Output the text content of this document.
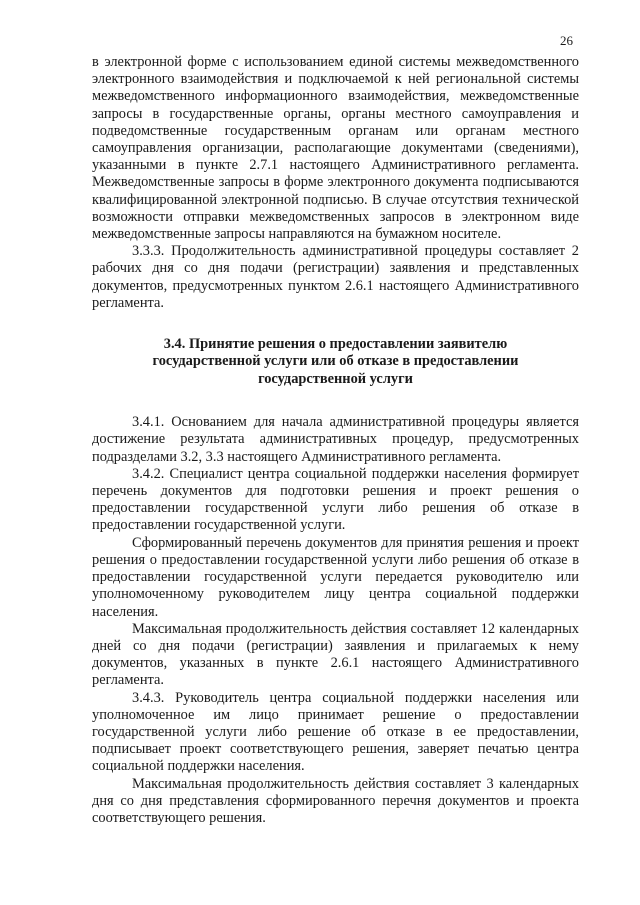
26

в электронной форме с использованием единой системы межведомственного электронного взаимодействия и подключаемой к ней региональной системы межведомственного информационного взаимодействия, межведомственные запросы в государственные органы, органы местного самоуправления и подведомственные государственным органам или органам местного самоуправления организации, располагающие документами (сведениями), указанными в пункте 2.7.1 настоящего Административного регламента. Межведомственные запросы в форме электронного документа подписываются квалифицированной электронной подписью. В случае отсутствия технической возможности отправки межведомственных запросов в электронном виде межведомственные запросы направляются на бумажном носителе.

3.3.3. Продолжительность административной процедуры составляет 2 рабочих дня со дня подачи (регистрации) заявления и представленных документов, предусмотренных пунктом 2.6.1 настоящего Административного регламента.

3.4. Принятие решения о предоставлении заявителю государственной услуги или об отказе в предоставлении государственной услуги

3.4.1. Основанием для начала административной процедуры является достижение результата административных процедур, предусмотренных подразделами 3.2, 3.3 настоящего Административного регламента.

3.4.2. Специалист центра социальной поддержки населения формирует перечень документов для подготовки решения и проект решения о предоставлении государственной услуги либо решения об отказе в предоставлении государственной услуги.

Сформированный перечень документов для принятия решения и проект решения о предоставлении государственной услуги либо решения об отказе в предоставлении государственной услуги передается руководителю или уполномоченному руководителем лицу центра социальной поддержки населения.

Максимальная продолжительность действия составляет 12 календарных дней со дня подачи (регистрации) заявления и прилагаемых к нему документов, указанных в пункте 2.6.1 настоящего Административного регламента.

3.4.3. Руководитель центра социальной поддержки населения или уполномоченное им лицо принимает решение о предоставлении государственной услуги либо решение об отказе в ее предоставлении, подписывает проект соответствующего решения, заверяет печатью центра социальной поддержки населения.

Максимальная продолжительность действия составляет 3 календарных дня со дня представления сформированного перечня документов и проекта соответствующего решения.
